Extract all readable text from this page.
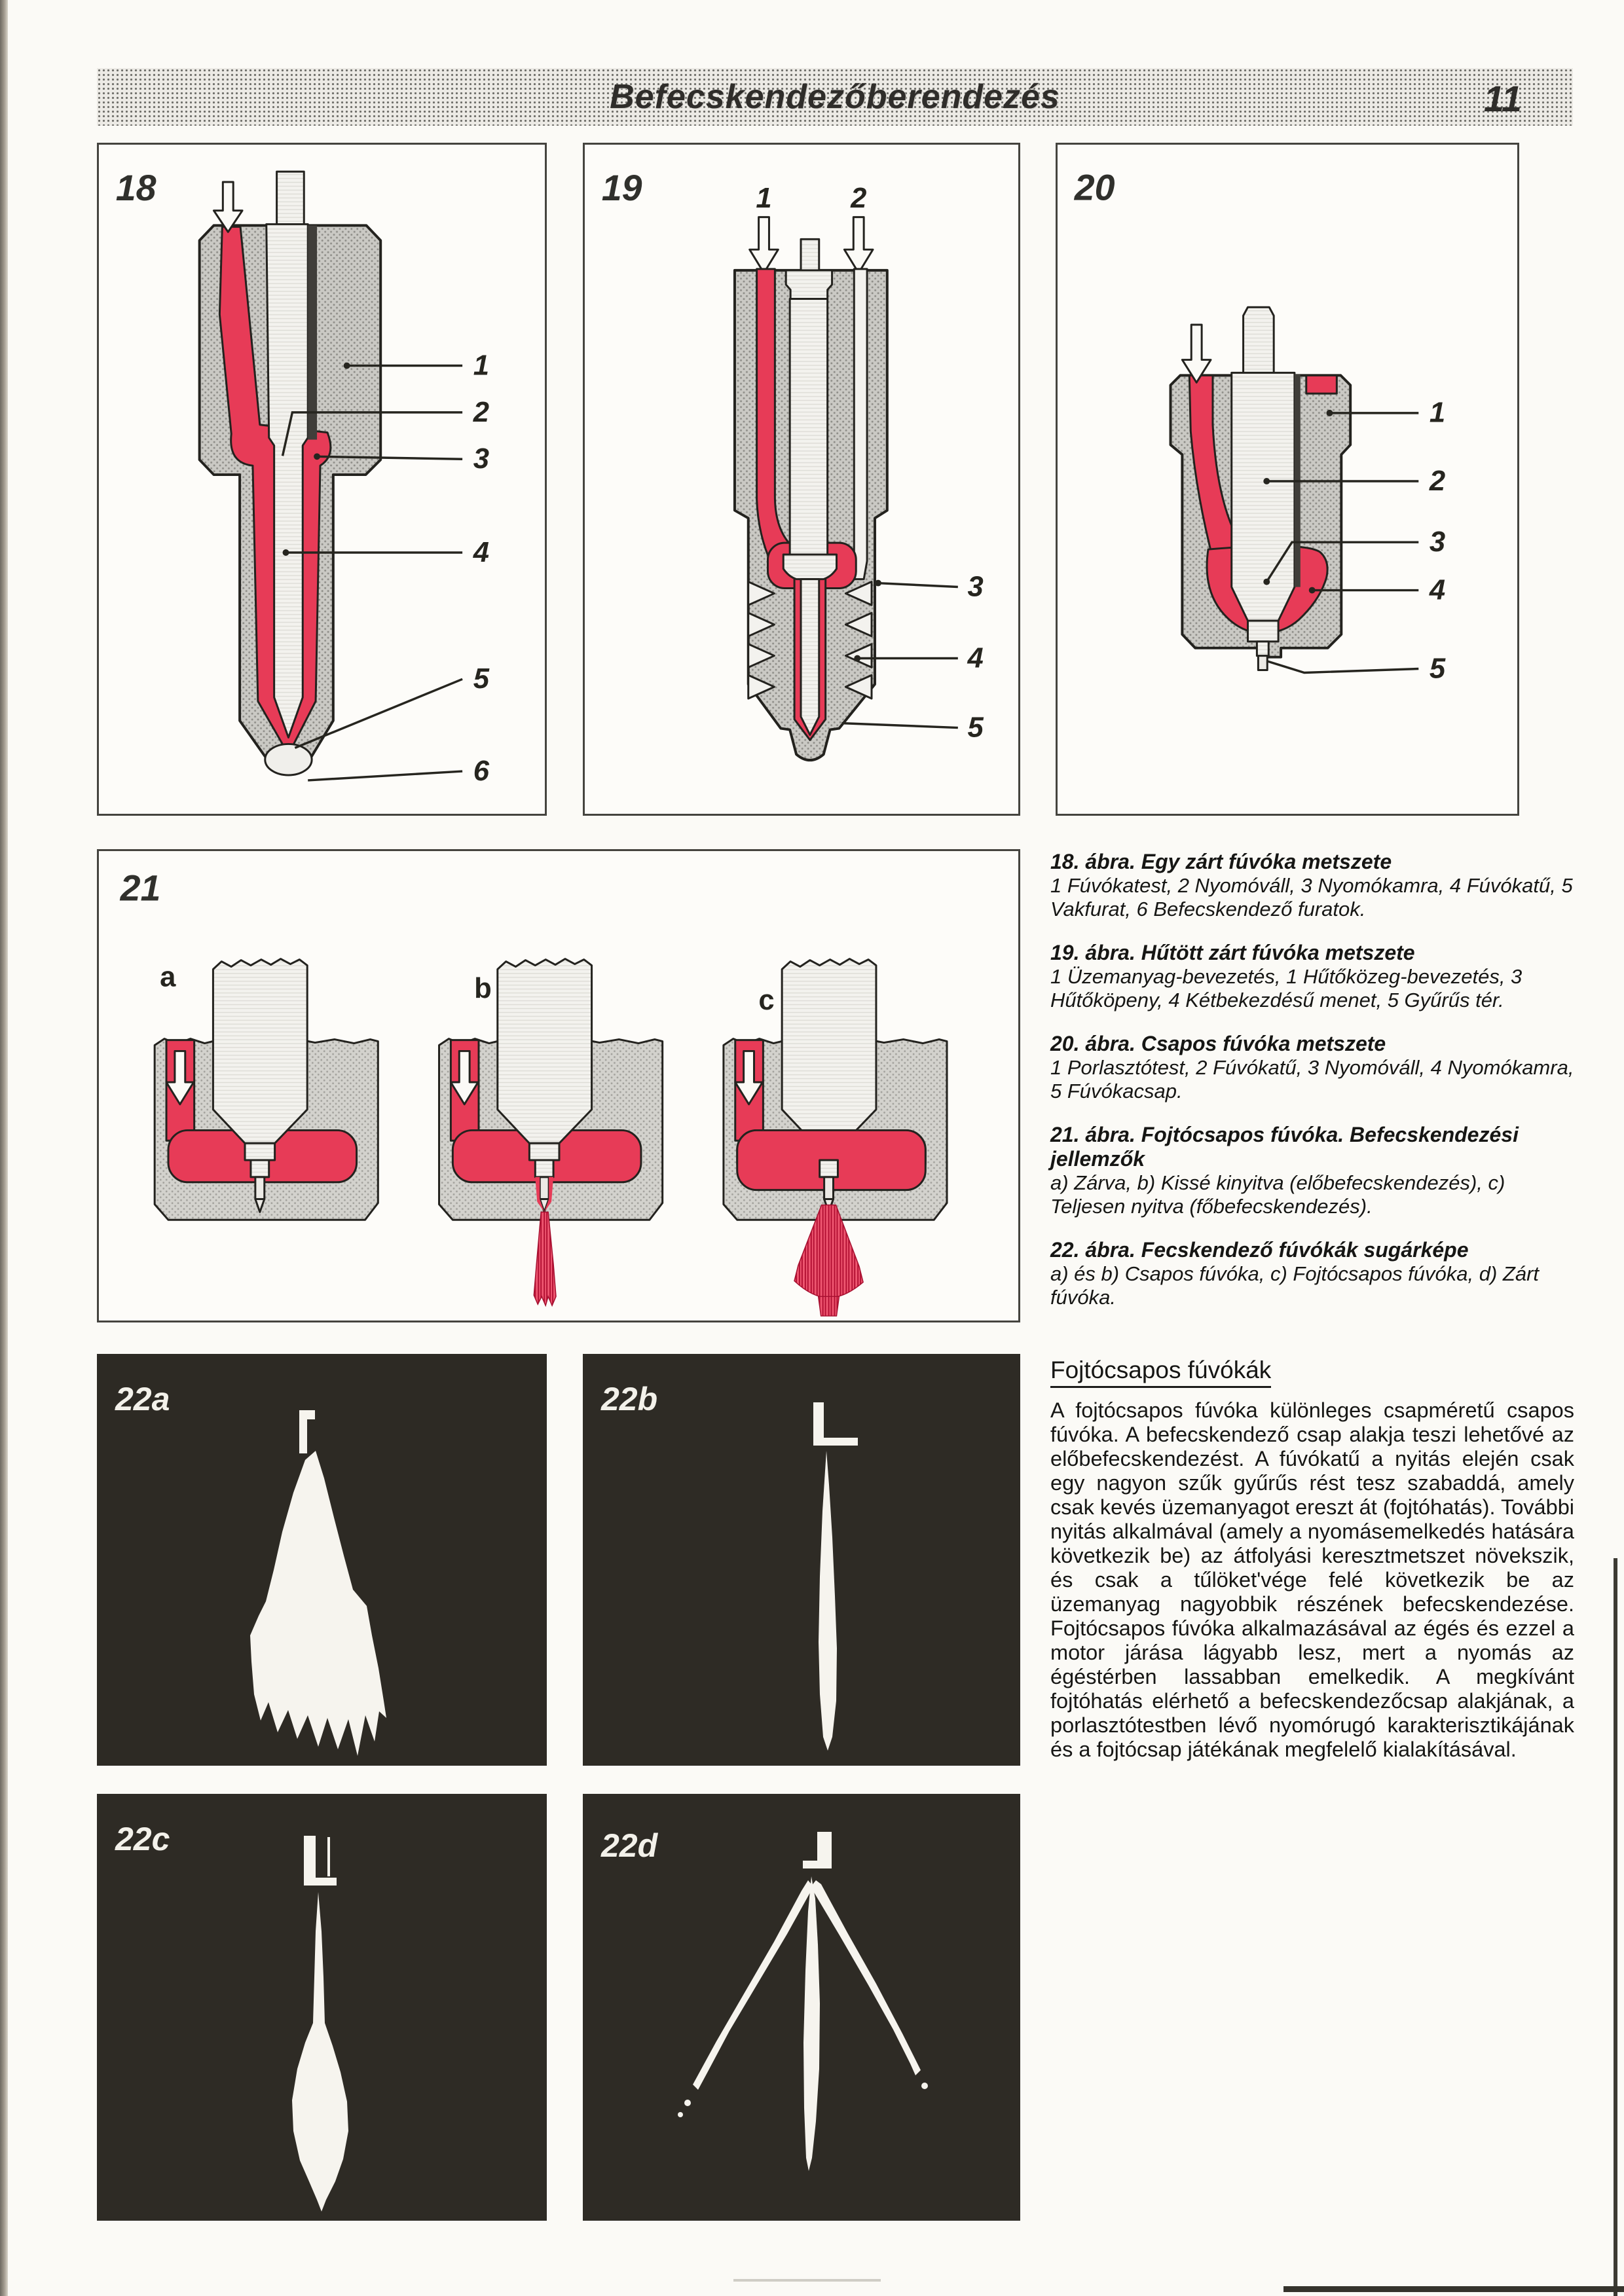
Befecskendezőberendezés	11
18
1
2
3
4
5
6
19	1	2
3
4
5
20
1
2
3
4
5
21
a	b	c
18. ábra. Egy zárt fúvóka metszete
1 Fúvókatest, 2 Nyomóváll, 3 Nyomókamra, 4 Fúvókatű, 5 Vakfurat, 6 Befecskendező furatok.
19. ábra. Hűtött zárt fúvóka metszete
1 Üzemanyag-bevezetés, 1 Hűtőközeg-bevezetés, 3 Hűtőköpeny, 4 Kétbekezdésű menet, 5 Gyűrűs tér.
20. ábra. Csapos fúvóka metszete
1 Porlasztótest, 2 Fúvókatű, 3 Nyomóváll, 4 Nyomókamra, 5 Fúvókacsap.
21. ábra. Fojtócsapos fúvóka. Befecskendezési jellemzők
a) Zárva, b) Kissé kinyitva (előbefecskendezés), c) Teljesen nyitva (főbefecskendezés).
22. ábra. Fecskendező fúvókák sugárképe
a) és b) Csapos fúvóka, c) Fojtócsapos fúvóka, d) Zárt fúvóka.
22a	22b
22c	22d
Fojtócsapos fúvókák
A fojtócsapos fúvóka különleges csapméretű csapos fúvóka. A befecskendező csap alakja teszi lehetővé az előbefecskendezést. A fúvókatű a nyitás elején csak egy nagyon szűk gyűrűs rést tesz szabaddá, amely csak kevés üzemanyagot ereszt át (fojtóhatás). További nyitás alkalmával (amely a nyomásemelkedés hatására következik be) az átfolyási keresztmetszet növekszik, és csak a tűlöket'vége felé következik be az üzemanyag nagyobbik részének befecskendezése. Fojtócsapos fúvóka alkalmazásával az égés és ezzel a motor járása lágyabb lesz, mert a nyomás az égéstérben lassabban emelkedik. A megkívánt fojtóhatás elérhető a befecskendezőcsap alakjának, a porlasztótestben lévő nyomórugó karakterisztikájának és a fojtócsap játékának megfelelő kialakításával.
